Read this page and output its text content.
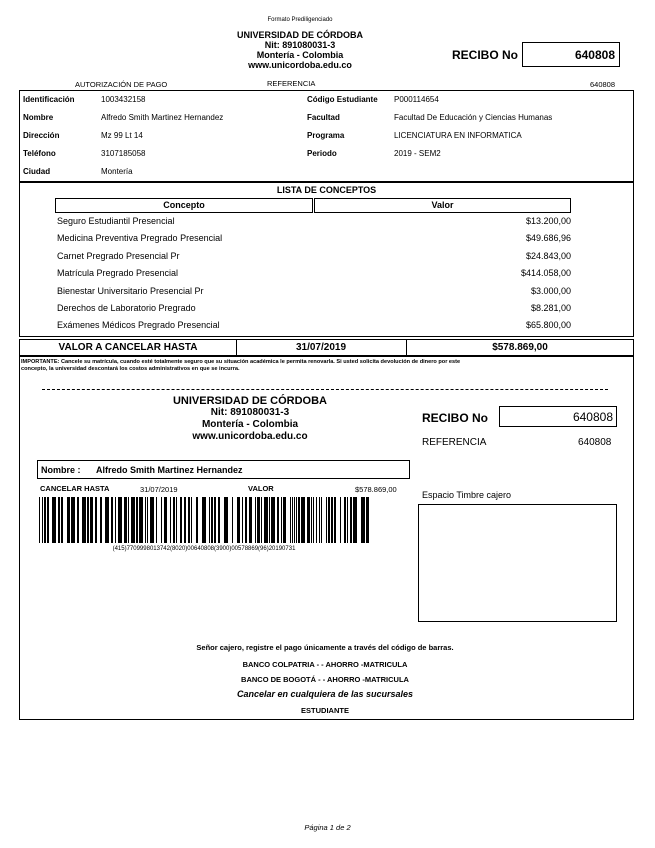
Formato Prediligenciado
UNIVERSIDAD DE CÓRDOBA
Nit: 891080031-3
Montería - Colombia
www.unicordoba.edu.co
RECIBO No	640808
AUTORIZACIÓN DE PAGO	REFERENCIA	640808
Identificación	1003432158	Código Estudiante P000114654
Nombre	Alfredo Smith Martinez Hernandez	Facultad	Facultad De Educación y Ciencias Humanas
Dirección	Mz 99 Lt 14	Programa	LICENCIATURA EN INFORMATICA
Teléfono	3107185058	Periodo	2019 - SEM2
Ciudad	Montería
LISTA DE CONCEPTOS
Concepto	Valor
Seguro Estudiantil Presencial	$13.200,00
Medicina Preventiva Pregrado Presencial	$49.686,96
Carnet Pregrado Presencial Pr	$24.843,00
Matrícula Pregrado Presencial	$414.058,00
Bienestar Universitario Presencial Pr	$3.000,00
Derechos de Laboratorio Pregrado	$8.281,00
Exámenes Médicos Pregrado Presencial	$65.800,00
VALOR A CANCELAR HASTA	31/07/2019	$578.869,00
IMPORTANTE: Cancele su matrícula, cuando esté totalmente seguro que su situación académica le permita renovarla. Si usted solicita devolución de dinero por este
concepto, la universidad descontará los costos administrativos en que se incurra.
UNIVERSIDAD DE CÓRDOBA
Nit: 891080031-3
Montería - Colombia
www.unicordoba.edu.co
RECIBO No	640808
REFERENCIA	640808
Nombre : Alfredo Smith Martinez Hernandez
CANCELAR HASTA	31/07/2019	VALOR	$578.869,00
(415)7709998013742(8020)00640808(3900)00578869(96)20190731
Espacio Timbre cajero
Señor cajero, registre el pago únicamente a través del código de barras.
BANCO COLPATRIA - - AHORRO -MATRICULA
BANCO DE BOGOTÁ - - AHORRO -MATRICULA
Cancelar en cualquiera de las sucursales
ESTUDIANTE
Página 1 de 2
